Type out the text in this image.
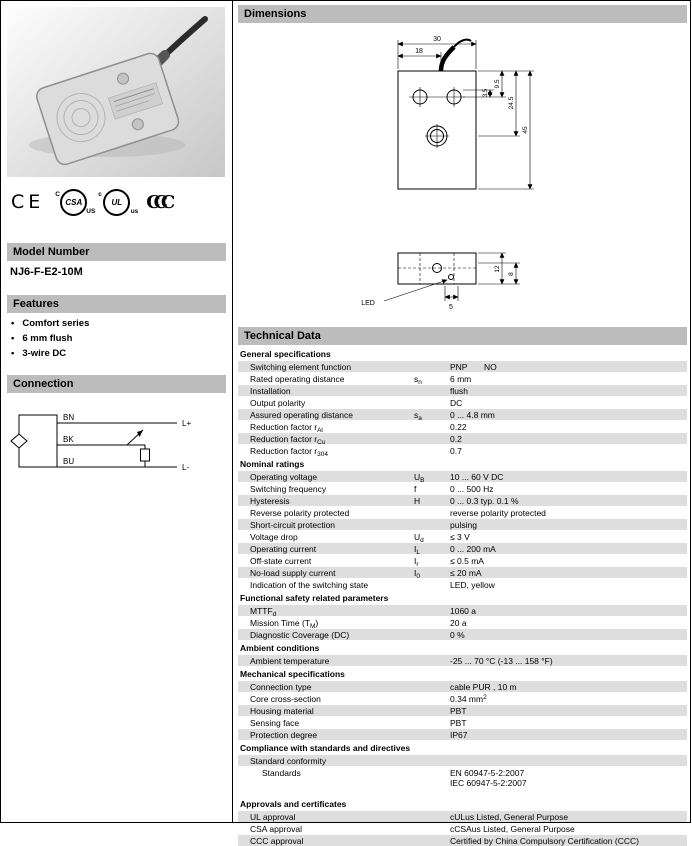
CE	CSA
C
US
UL
c
us CCC
Model Number
NJ6-F-E2-10M
Features
• Comfort series
• 6 mm flush
• 3-wire DC
Connection
BN
BK
BU
L+
L-
Dimensions
30
18
3.5
9.5
24.5
45
12
8
5
LED
Technical Data
General specifications
Switching element function	PNP       NO
Rated operating distance	$s_n$	6 mm
Installation	flush
Output polarity	DC
Assured operating distance	$s_a$	0 ... 4.8 mm
Reduction factor $r_{Al}$	0.22
Reduction factor $r_{Cu}$	0.2
Reduction factor $r_{304}$	0.7
Nominal ratings
Operating voltage	$U_B$	10 ... 60 V DC
Switching frequency	f	0 ... 500 Hz
Hysteresis	H	0 ... 0.3 typ. 0.1 %
Reverse polarity protected	reverse polarity protected
Short-circuit protection	pulsing
Voltage drop	$U_d$	≤ 3 V
Operating current	$I_L$	0 ... 200 mA
Off-state current	$I_r$	≤ 0.5 mA
No-load supply current	$I_0$	≤ 20 mA
Indication of the switching state	LED, yellow
Functional safety related parameters
$MTTF_d$	1060 a
Mission Time $(T_M)$	20 a
Diagnostic Coverage (DC)	0 %
Ambient conditions
Ambient temperature	-25 ... 70 °C (-13 ... 158 °F)
Mechanical specifications
Connection type	cable PUR , 10 m
Core cross-section	0.34 $mm^2$
Housing material	PBT
Sensing face	PBT
Protection degree	IP67
Compliance with standards and directives
Standard conformity
Standards	EN 60947-5-2:2007
IEC 60947-5-2:2007
Approvals and certificates
UL approval	cULus Listed, General Purpose
CSA approval	cCSAus Listed, General Purpose
CCC approval	Certified by China Compulsory Certification (CCC)
